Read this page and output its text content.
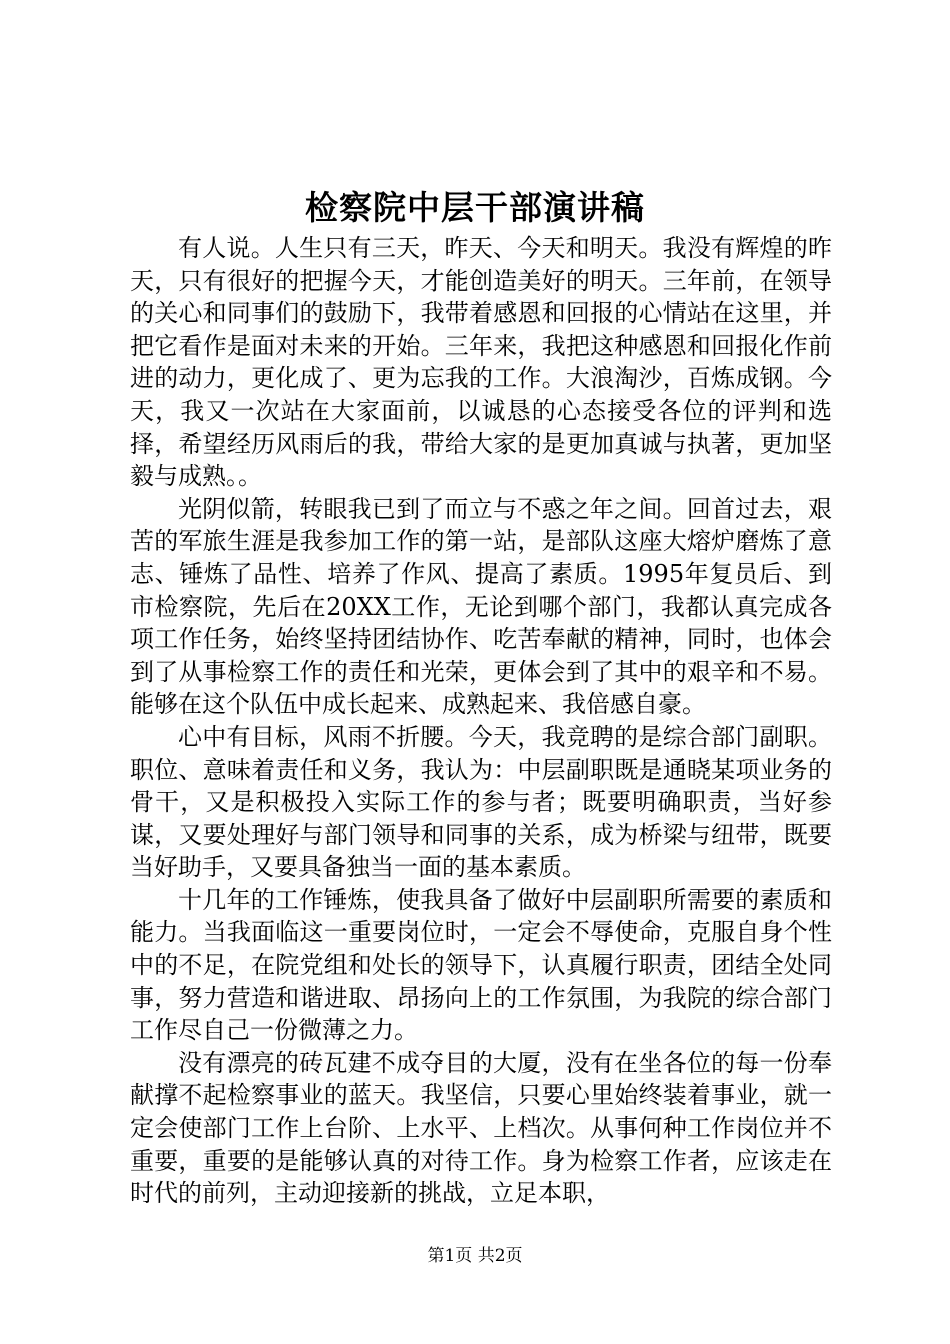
检察院中层干部演讲稿

有人说。人生只有三天，昨天、今天和明天。我没有辉煌的昨天，只有很好的把握今天，才能创造美好的明天。三年前，在领导的关心和同事们的鼓励下，我带着感恩和回报的心情站在这里，并把它看作是面对未来的开始。三年来，我把这种感恩和回报化作前进的动力，更化成了、更为忘我的工作。大浪淘沙，百炼成钢。今天，我又一次站在大家面前，以诚恳的心态接受各位的评判和选择，希望经历风雨后的我，带给大家的是更加真诚与执著，更加坚毅与成熟。。

光阴似箭，转眼我已到了而立与不惑之年之间。回首过去，艰苦的军旅生涯是我参加工作的第一站，是部队这座大熔炉磨炼了意志、锤炼了品性、培养了作风、提高了素质。1995年复员后、到市检察院，先后在20XX工作，无论到哪个部门，我都认真完成各项工作任务，始终坚持团结协作、吃苦奉献的精神，同时，也体会到了从事检察工作的责任和光荣，更体会到了其中的艰辛和不易。能够在这个队伍中成长起来、成熟起来、我倍感自豪。

心中有目标，风雨不折腰。今天，我竞聘的是综合部门副职。职位、意味着责任和义务，我认为：中层副职既是通晓某项业务的骨干，又是积极投入实际工作的参与者；既要明确职责，当好参谋，又要处理好与部门领导和同事的关系，成为桥梁与纽带，既要当好助手，又要具备独当一面的基本素质。

十几年的工作锤炼，使我具备了做好中层副职所需要的素质和能力。当我面临这一重要岗位时，一定会不辱使命，克服自身个性中的不足，在院党组和处长的领导下，认真履行职责，团结全处同事，努力营造和谐进取、昂扬向上的工作氛围，为我院的综合部门工作尽自己一份微薄之力。

没有漂亮的砖瓦建不成夺目的大厦，没有在坐各位的每一份奉献撑不起检察事业的蓝天。我坚信，只要心里始终装着事业，就一定会使部门工作上台阶、上水平、上档次。从事何种工作岗位并不重要，重要的是能够认真的对待工作。身为检察工作者，应该走在时代的前列，主动迎接新的挑战，立足本职，

第1页 共2页
